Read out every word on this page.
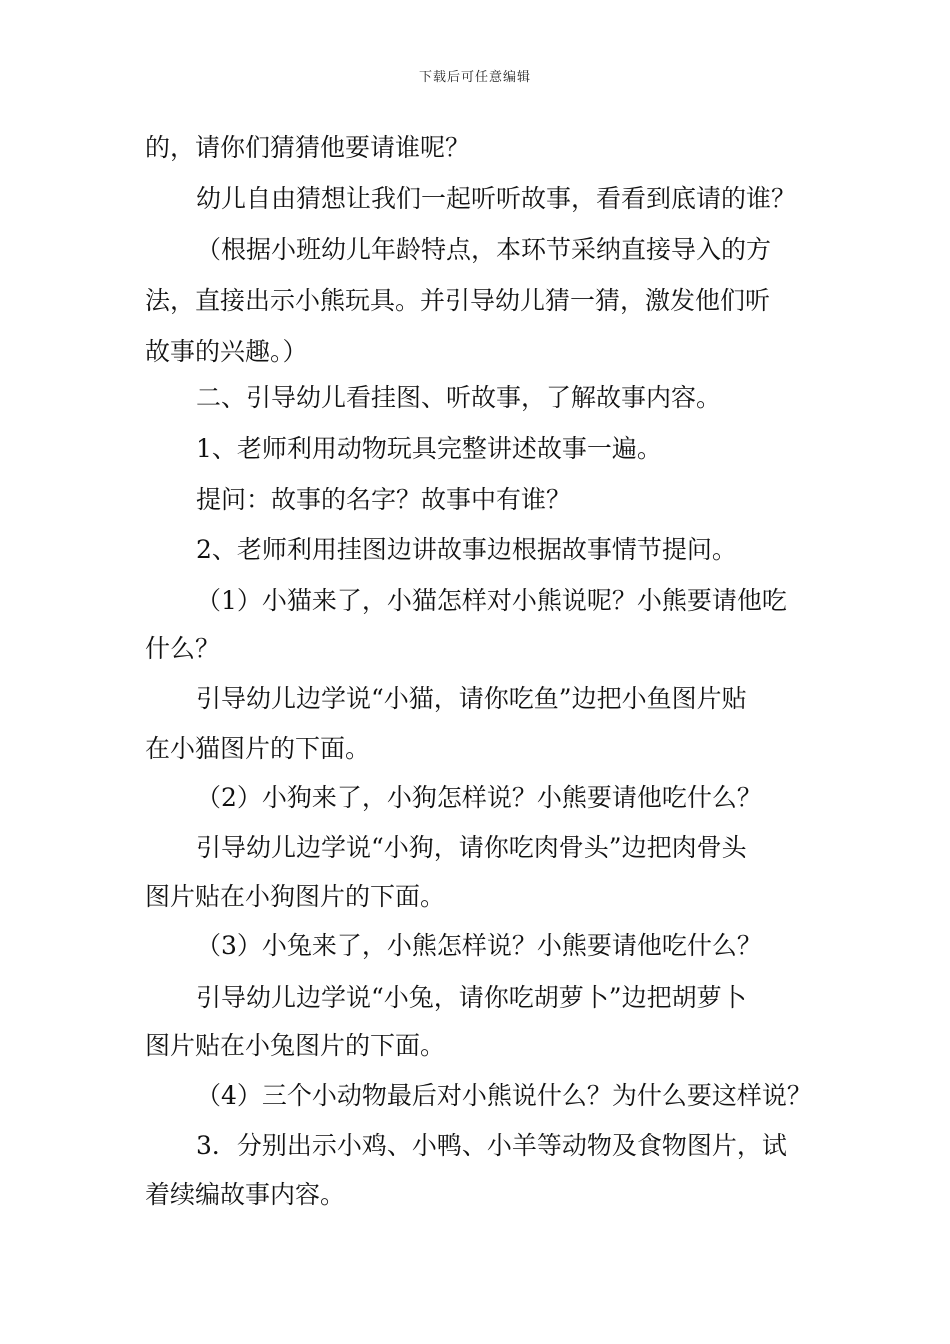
下载后可任意编辑
的，请你们猜猜他要请谁呢？
幼儿自由猜想让我们一起听听故事，看看到底请的谁？
（根据小班幼儿年龄特点，本环节采纳直接导入的方
法，直接出示小熊玩具。并引导幼儿猜一猜，激发他们听
故事的兴趣。）
二、引导幼儿看挂图、听故事，了解故事内容。
1、老师利用动物玩具完整讲述故事一遍。
提问：故事的名字？故事中有谁？
2、老师利用挂图边讲故事边根据故事情节提问。
（1）小猫来了，小猫怎样对小熊说呢？小熊要请他吃
什么？
引导幼儿边学说“小猫，请你吃鱼”边把小鱼图片贴
在小猫图片的下面。
（2）小狗来了，小狗怎样说？小熊要请他吃什么？
引导幼儿边学说“小狗，请你吃肉骨头”边把肉骨头
图片贴在小狗图片的下面。
（3）小兔来了，小熊怎样说？小熊要请他吃什么？
引导幼儿边学说“小兔，请你吃胡萝卜”边把胡萝卜
图片贴在小兔图片的下面。
（4）三个小动物最后对小熊说什么？为什么要这样说？
3．分别出示小鸡、小鸭、小羊等动物及食物图片，试
着续编故事内容。
